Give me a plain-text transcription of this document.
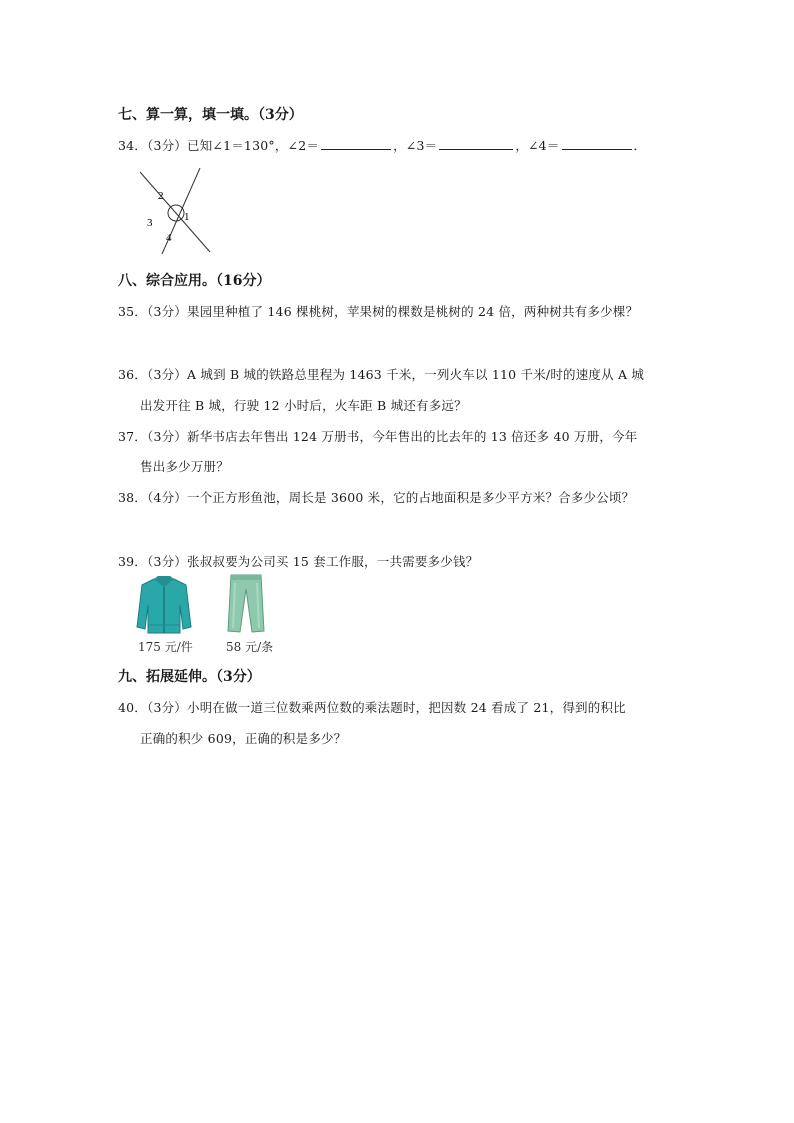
七、算一算，填一填。（3分）
34．（3分）已知∠1＝130°，∠2＝	，∠3＝	，∠4＝	．
2
3	1
4
八、综合应用。（16分）
35．（3分）果园里种植了 146 棵桃树，苹果树的棵数是桃树的 24 倍，两种树共有多少棵？
36．（3分）A 城到 B 城的铁路总里程为 1463 千米，一列火车以 110 千米/时的速度从 A 城
出发开往 B 城，行驶 12 小时后，火车距 B 城还有多远？
37．（3分）新华书店去年售出 124 万册书，今年售出的比去年的 13 倍还多 40 万册，今年
售出多少万册？
38．（4分）一个正方形鱼池，周长是 3600 米，它的占地面积是多少平方米？合多少公顷？
39．（3分）张叔叔要为公司买 15 套工作服，一共需要多少钱？
175 元/件	58 元/条
九、拓展延伸。（3分）
40．（3分）小明在做一道三位数乘两位数的乘法题时，把因数 24 看成了 21，得到的积比
正确的积少 609，正确的积是多少？
